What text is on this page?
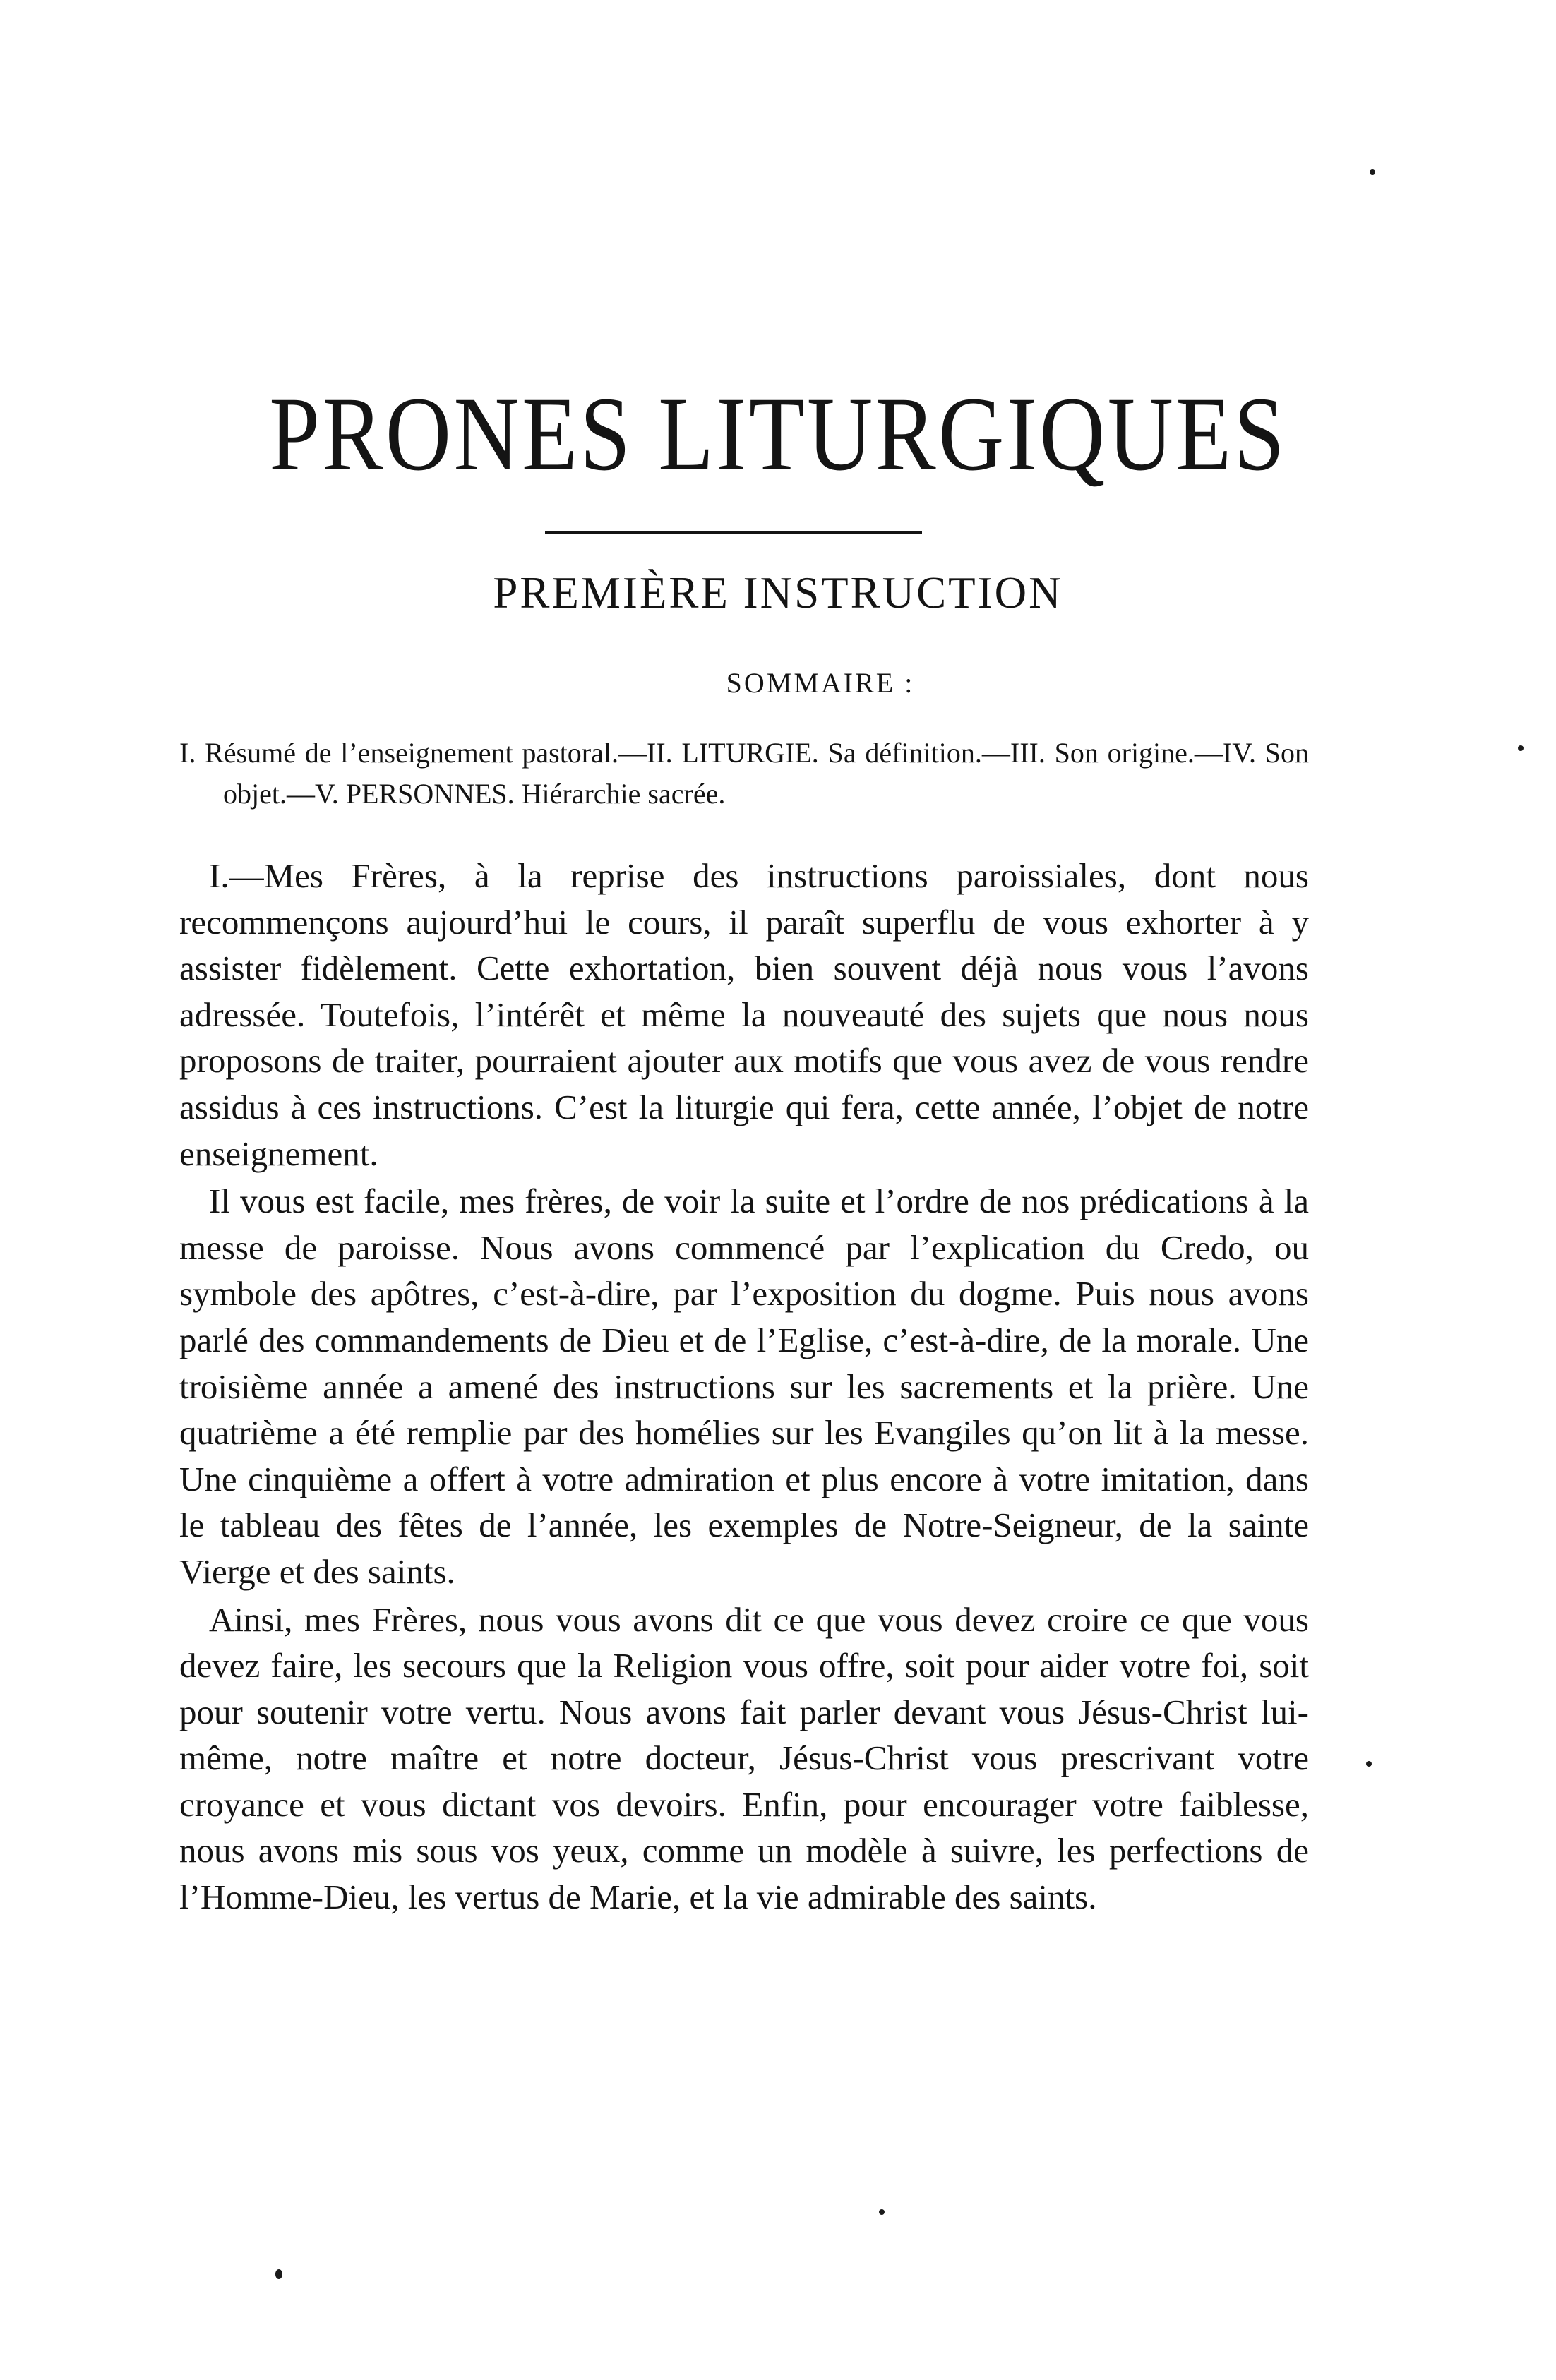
PRONES LITURGIQUES
PREMIÈRE INSTRUCTION
SOMMAIRE :
I. Résumé de l’enseignement pastoral.—II. LITURGIE. Sa définition.—III. Son origine.—IV. Son objet.—V. PERSONNES. Hiérarchie sacrée.

I.—Mes Frères, à la reprise des instructions paroissiales, dont nous recommençons aujourd’hui le cours, il paraît superflu de vous exhorter à y assister fidèlement. Cette exhortation, bien souvent déjà nous vous l’avons adressée. Toutefois, l’intérêt et même la nouveauté des sujets que nous nous proposons de traiter, pourraient ajouter aux motifs que vous avez de vous rendre assidus à ces instructions. C’est la liturgie qui fera, cette année, l’objet de notre enseignement.

Il vous est facile, mes frères, de voir la suite et l’ordre de nos prédications à la messe de paroisse. Nous avons commencé par l’explication du Credo, ou symbole des apôtres, c’est-à-dire, par l’exposition du dogme. Puis nous avons parlé des commandements de Dieu et de l’Eglise, c’est-à-dire, de la morale. Une troisième année a amené des instructions sur les sacrements et la prière. Une quatrième a été remplie par des homélies sur les Evangiles qu’on lit à la messe. Une cinquième a offert à votre admiration et plus encore à votre imitation, dans le tableau des fêtes de l’année, les exemples de Notre-Seigneur, de la sainte Vierge et des saints.

Ainsi, mes Frères, nous vous avons dit ce que vous devez croire ce que vous devez faire, les secours que la Religion vous offre, soit pour aider votre foi, soit pour soutenir votre vertu. Nous avons fait parler devant vous Jésus-Christ lui-même, notre maître et notre docteur, Jésus-Christ vous prescrivant votre croyance et vous dictant vos devoirs. Enfin, pour encourager votre faiblesse, nous avons mis sous vos yeux, comme un modèle à suivre, les perfections de l’Homme-Dieu, les vertus de Marie, et la vie admirable des saints.
